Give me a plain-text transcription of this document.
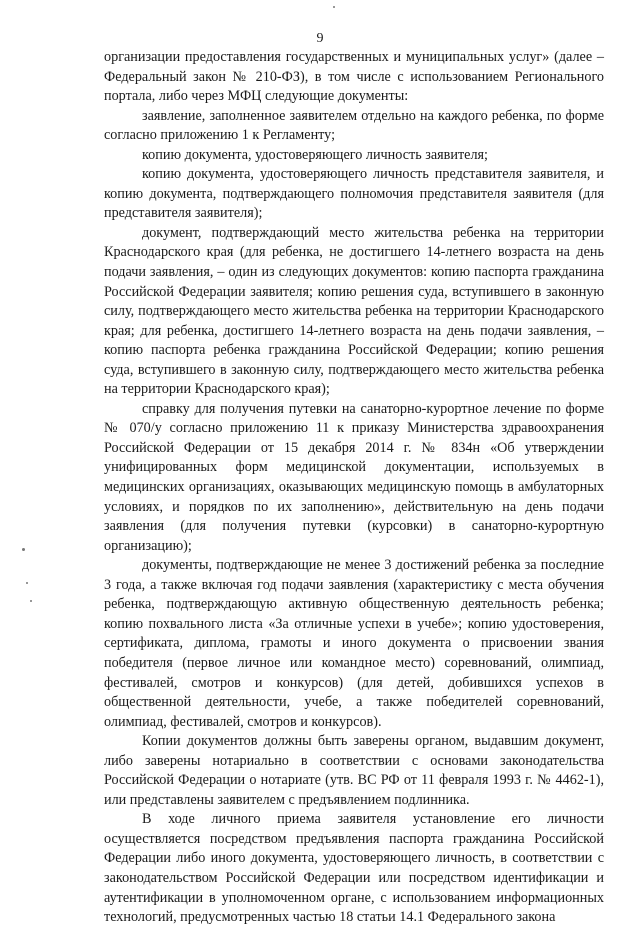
9

организации предоставления государственных и муниципальных услуг» (далее – Федеральный закон № 210-ФЗ), в том числе с использованием Регионального портала, либо через МФЦ следующие документы:

заявление, заполненное заявителем отдельно на каждого ребенка, по форме согласно приложению 1 к Регламенту;

копию документа, удостоверяющего личность заявителя;

копию документа, удостоверяющего личность представителя заявителя, и копию документа, подтверждающего полномочия представителя заявителя (для представителя заявителя);

документ, подтверждающий место жительства ребенка на территории Краснодарского края (для ребенка, не достигшего 14-летнего возраста на день подачи заявления, – один из следующих документов: копию паспорта гражданина Российской Федерации заявителя; копию решения суда, вступившего в законную силу, подтверждающего место жительства ребенка на территории Краснодарского края; для ребенка, достигшего 14-летнего возраста на день подачи заявления, – копию паспорта ребенка гражданина Российской Федерации; копию решения суда, вступившего в законную силу, подтверждающего место жительства ребенка на территории Краснодарского края);

справку для получения путевки на санаторно-курортное лечение по форме № 070/у согласно приложению 11 к приказу Министерства здравоохранения Российской Федерации от 15 декабря 2014 г. № 834н «Об утверждении унифицированных форм медицинской документации, используемых в медицинских организациях, оказывающих медицинскую помощь в амбулаторных условиях, и порядков по их заполнению», действительную на день подачи заявления (для получения путевки (курсовки) в санаторно-курортную организацию);

документы, подтверждающие не менее 3 достижений ребенка за последние 3 года, а также включая год подачи заявления (характеристику с места обучения ребенка, подтверждающую активную общественную деятельность ребенка; копию похвального листа «За отличные успехи в учебе»; копию удостоверения, сертификата, диплома, грамоты и иного документа о присвоении звания победителя (первое личное или командное место) соревнований, олимпиад, фестивалей, смотров и конкурсов) (для детей, добившихся успехов в общественной деятельности, учебе, а также победителей соревнований, олимпиад, фестивалей, смотров и конкурсов).

Копии документов должны быть заверены органом, выдавшим документ, либо заверены нотариально в соответствии с основами законодательства Российской Федерации о нотариате (утв. ВС РФ от 11 февраля 1993 г. № 4462-1), или представлены заявителем с предъявлением подлинника.

В ходе личного приема заявителя установление его личности осуществляется посредством предъявления паспорта гражданина Российской Федерации либо иного документа, удостоверяющего личность, в соответствии с законодательством Российской Федерации или посредством идентификации и аутентификации в уполномоченном органе, с использованием информационных технологий, предусмотренных частью 18 статьи 14.1 Федерального закона
